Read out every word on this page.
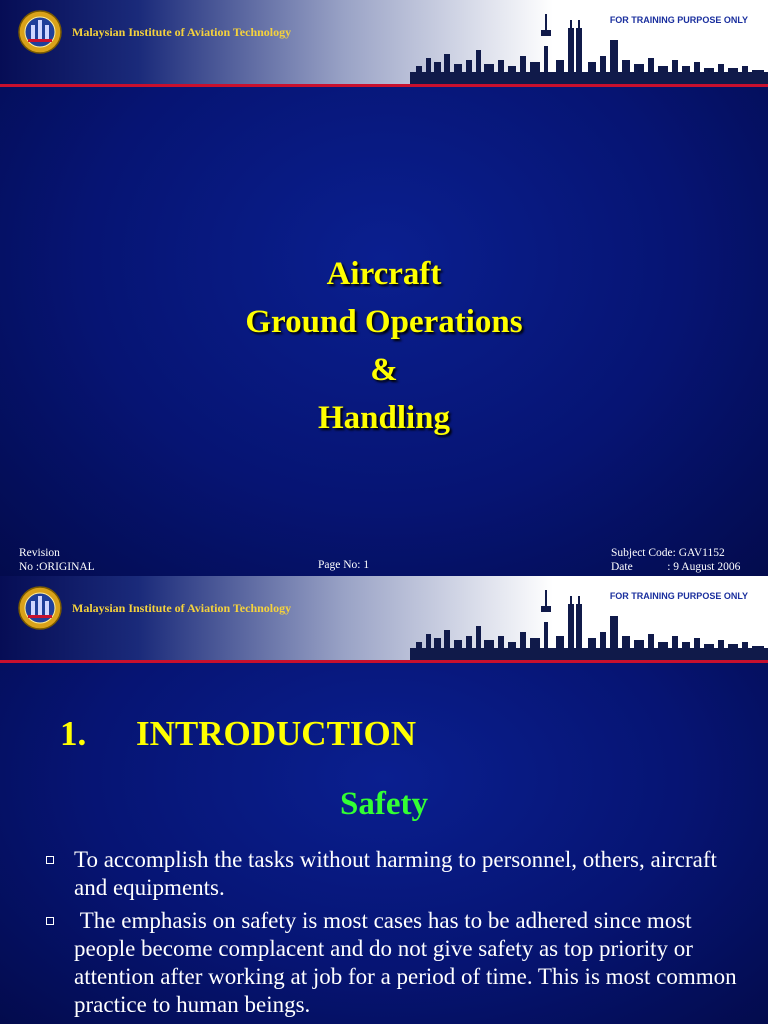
Malaysian Institute of Aviation Technology
FOR TRAINING PURPOSE ONLY
Aircraft
Ground Operations
&
Handling
Revision
No :ORIGINAL	Page No: 1
Subject Code: GAV1152
Date            : 9 August 2006
Malaysian Institute of Aviation Technology
FOR TRAINING PURPOSE ONLY
1. INTRODUCTION
Safety
To accomplish the tasks without harming to personnel, others, aircraft and equipments.
The emphasis on safety is most cases has to be adhered since most people become complacent and do not give safety as top priority or attention after working at job for a period of time. This is most common practice to human beings.
